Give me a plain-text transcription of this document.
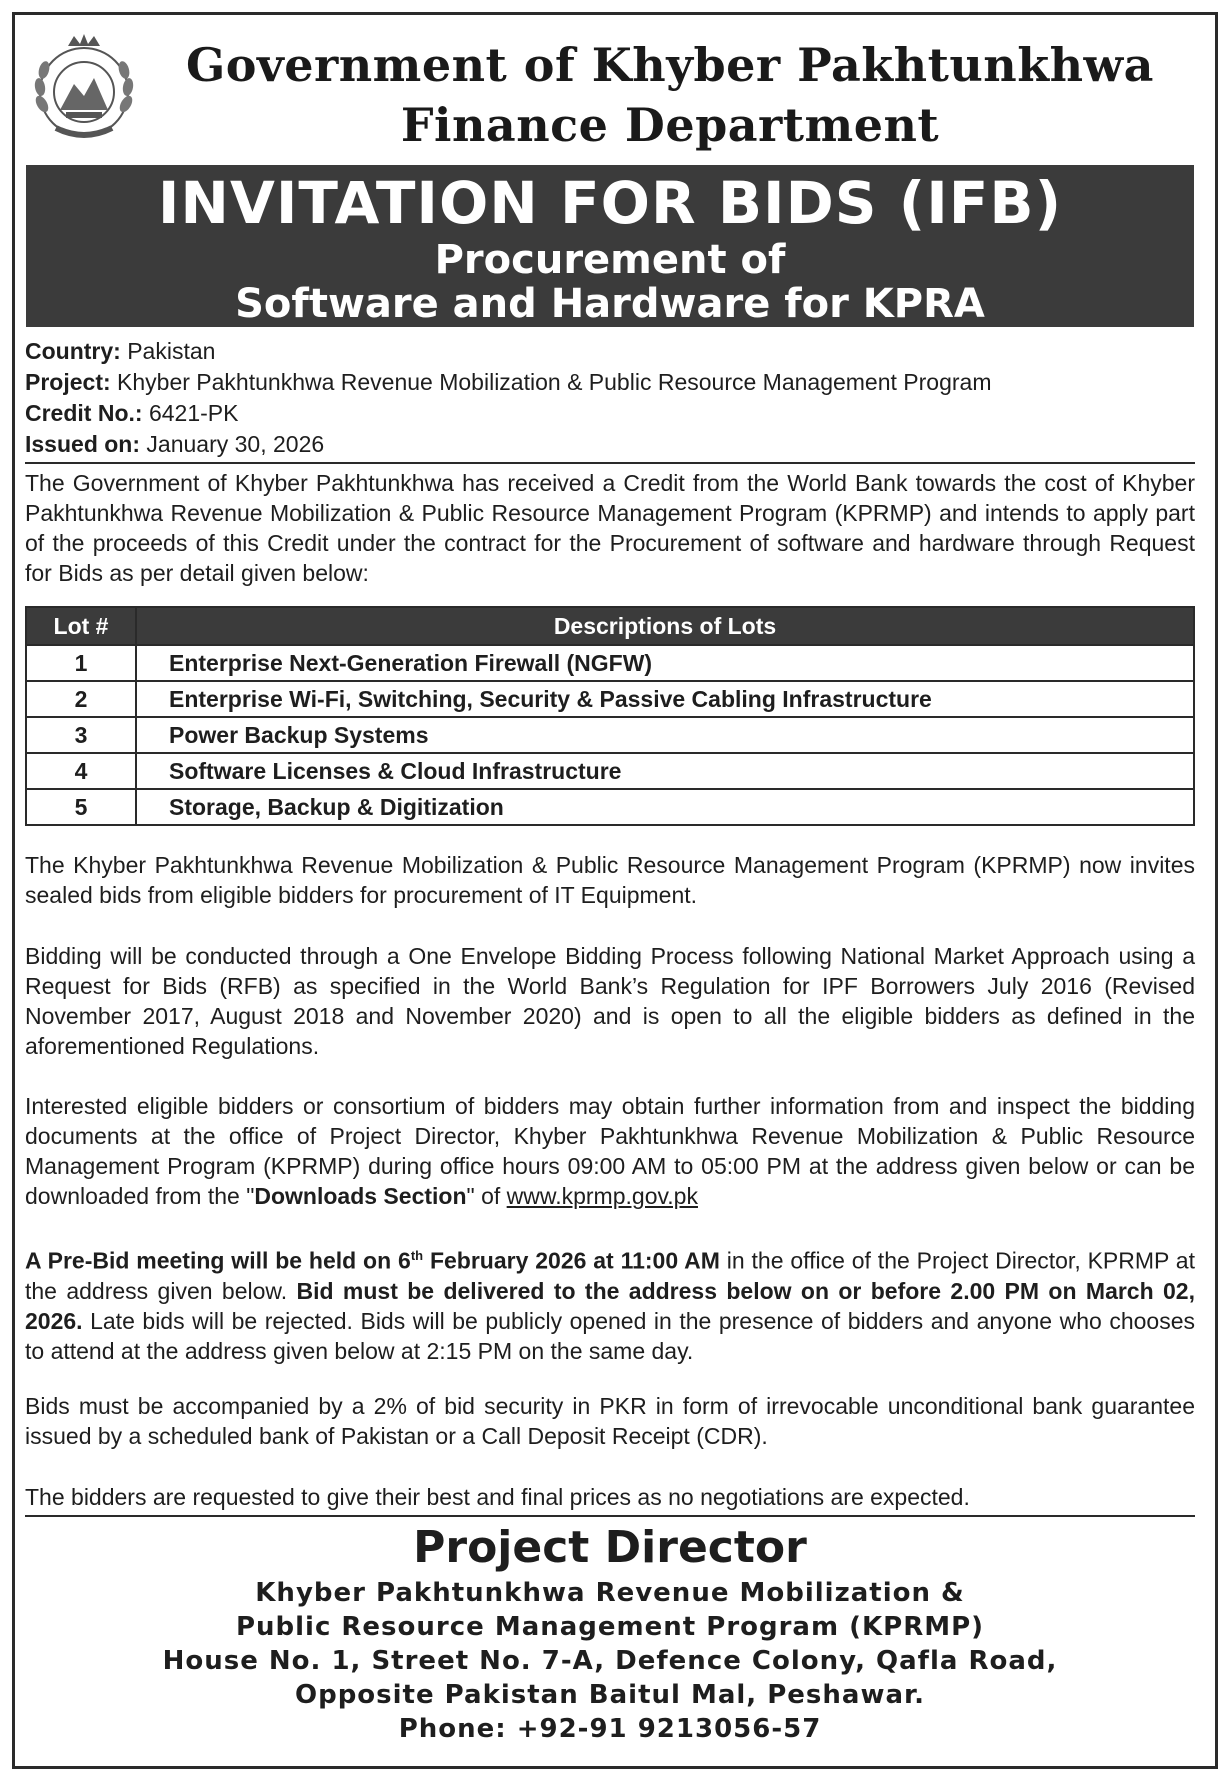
Government of Khyber Pakhtunkhwa
Finance Department
INVITATION FOR BIDS (IFB)
Procurement of
Software and Hardware for KPRA
Country: Pakistan
Project: Khyber Pakhtunkhwa Revenue Mobilization & Public Resource Management Program
Credit No.: 6421-PK
Issued on: January 30, 2026

The Government of Khyber Pakhtunkhwa has received a Credit from the World Bank towards the cost of Khyber Pakhtunkhwa Revenue Mobilization & Public Resource Management Program (KPRMP) and intends to apply part of the proceeds of this Credit under the contract for the Procurement of software and hardware through Request for Bids as per detail given below:

Lot #	Descriptions of Lots
1	Enterprise Next-Generation Firewall (NGFW)
2	Enterprise Wi-Fi, Switching, Security & Passive Cabling Infrastructure
3	Power Backup Systems
4	Software Licenses & Cloud Infrastructure
5	Storage, Backup & Digitization

The Khyber Pakhtunkhwa Revenue Mobilization & Public Resource Management Program (KPRMP) now invites sealed bids from eligible bidders for procurement of IT Equipment.

Bidding will be conducted through a One Envelope Bidding Process following National Market Approach using a Request for Bids (RFB) as specified in the World Bank’s Regulation for IPF Borrowers July 2016 (Revised November 2017, August 2018 and November 2020) and is open to all the eligible bidders as defined in the aforementioned Regulations.

Interested eligible bidders or consortium of bidders may obtain further information from and inspect the bidding documents at the office of Project Director, Khyber Pakhtunkhwa Revenue Mobilization & Public Resource Management Program (KPRMP) during office hours 09:00 AM to 05:00 PM at the address given below or can be downloaded from the "Downloads Section" of www.kprmp.gov.pk

A Pre-Bid meeting will be held on 6th February 2026 at 11:00 AM in the office of the Project Director, KPRMP at the address given below. Bid must be delivered to the address below on or before 2.00 PM on March 02, 2026. Late bids will be rejected. Bids will be publicly opened in the presence of bidders and anyone who chooses to attend at the address given below at 2:15 PM on the same day.

Bids must be accompanied by a 2% of bid security in PKR in form of irrevocable unconditional bank guarantee issued by a scheduled bank of Pakistan or a Call Deposit Receipt (CDR).

The bidders are requested to give their best and final prices as no negotiations are expected.

Project Director

Khyber Pakhtunkhwa Revenue Mobilization &

Public Resource Management Program (KPRMP)

House No. 1, Street No. 7-A, Defence Colony, Qafla Road,

Opposite Pakistan Baitul Mal, Peshawar.

Phone: +92-91 9213056-57
